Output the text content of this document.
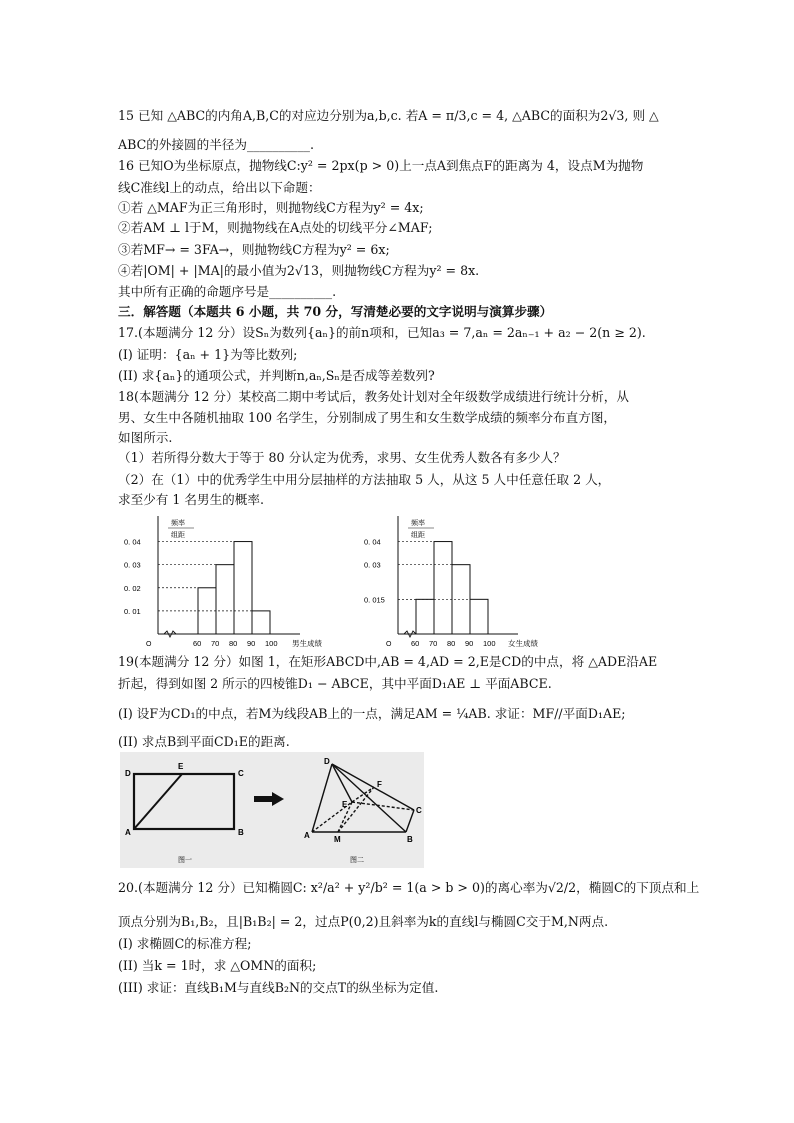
15 已知 △ABC的内角A,B,C的对应边分别为a,b,c. 若A = π/3,c = 4, △ABC的面积为2√3, 则 △
ABC的外接圆的半径为__________.
16 已知O为坐标原点，抛物线C:y² = 2px(p > 0)上一点A到焦点F的距离为 4，设点M为抛物
线C准线l上的动点，给出以下命题：
①若 △MAF为正三角形时，则抛物线C方程为y² = 4x;
②若AM ⊥ l于M，则抛物线在A点处的切线平分∠MAF;
③若MF→ = 3FA→，则抛物线C方程为y² = 6x;
④若|OM| + |MA|的最小值为2√13，则抛物线C方程为y² = 8x.
其中所有正确的命题序号是__________.
三．解答题（本题共 6 小题，共 70 分，写清楚必要的文字说明与演算步骤）
17.(本题满分 12 分）设Sₙ为数列{aₙ}的前n项和，已知a₃ = 7,aₙ = 2aₙ₋₁ + a₂ − 2(n ≥ 2).
(I) 证明：{aₙ + 1}为等比数列;
(II) 求{aₙ}的通项公式，并判断n,aₙ,Sₙ是否成等差数列?
18(本题满分 12 分）某校高二期中考试后，教务处计划对全年级数学成绩进行统计分析，从
男、女生中各随机抽取 100 名学生，分别制成了男生和女生数学成绩的频率分布直方图，
如图所示.
（1）若所得分数大于等于 80 分认定为优秀，求男、女生优秀人数各有多少人？
（2）在（1）中的优秀学生中用分层抽样的方法抽取 5 人，从这 5 人中任意任取 2 人，
求至少有 1 名男生的概率.
频率
组距
O
0. 04
0. 03
0. 02
0. 01
60 70 80 90 100 男生成绩
频率
组距
O
0. 04
0. 03
0. 015
60 70 80 90 100 女生成绩
19(本题满分 12 分）如图 1，在矩形ABCD中,AB = 4,AD = 2,E是CD的中点，将 △ADE沿AE
折起，得到如图 2 所示的四棱锥D₁ − ABCE，其中平面D₁AE ⊥ 平面ABCE.
(I) 设F为CD₁的中点，若M为线段AB上的一点，满足AM = ¼AB. 求证：MF//平面D₁AE;
(II) 求点B到平面CD₁E的距离.
D
E
C
A	B
图一
D
F
E
C
A	M	B
图二
20.(本题满分 12 分）已知椭圆C: x²/a² + y²/b² = 1(a > b > 0)的离心率为√2/2，椭圆C的下顶点和上
顶点分别为B₁,B₂，且|B₁B₂| = 2，过点P(0,2)且斜率为k的直线l与椭圆C交于M,N两点.
(I) 求椭圆C的标准方程;
(II) 当k = 1时，求 △OMN的面积;
(III) 求证：直线B₁M与直线B₂N的交点T的纵坐标为定值.
